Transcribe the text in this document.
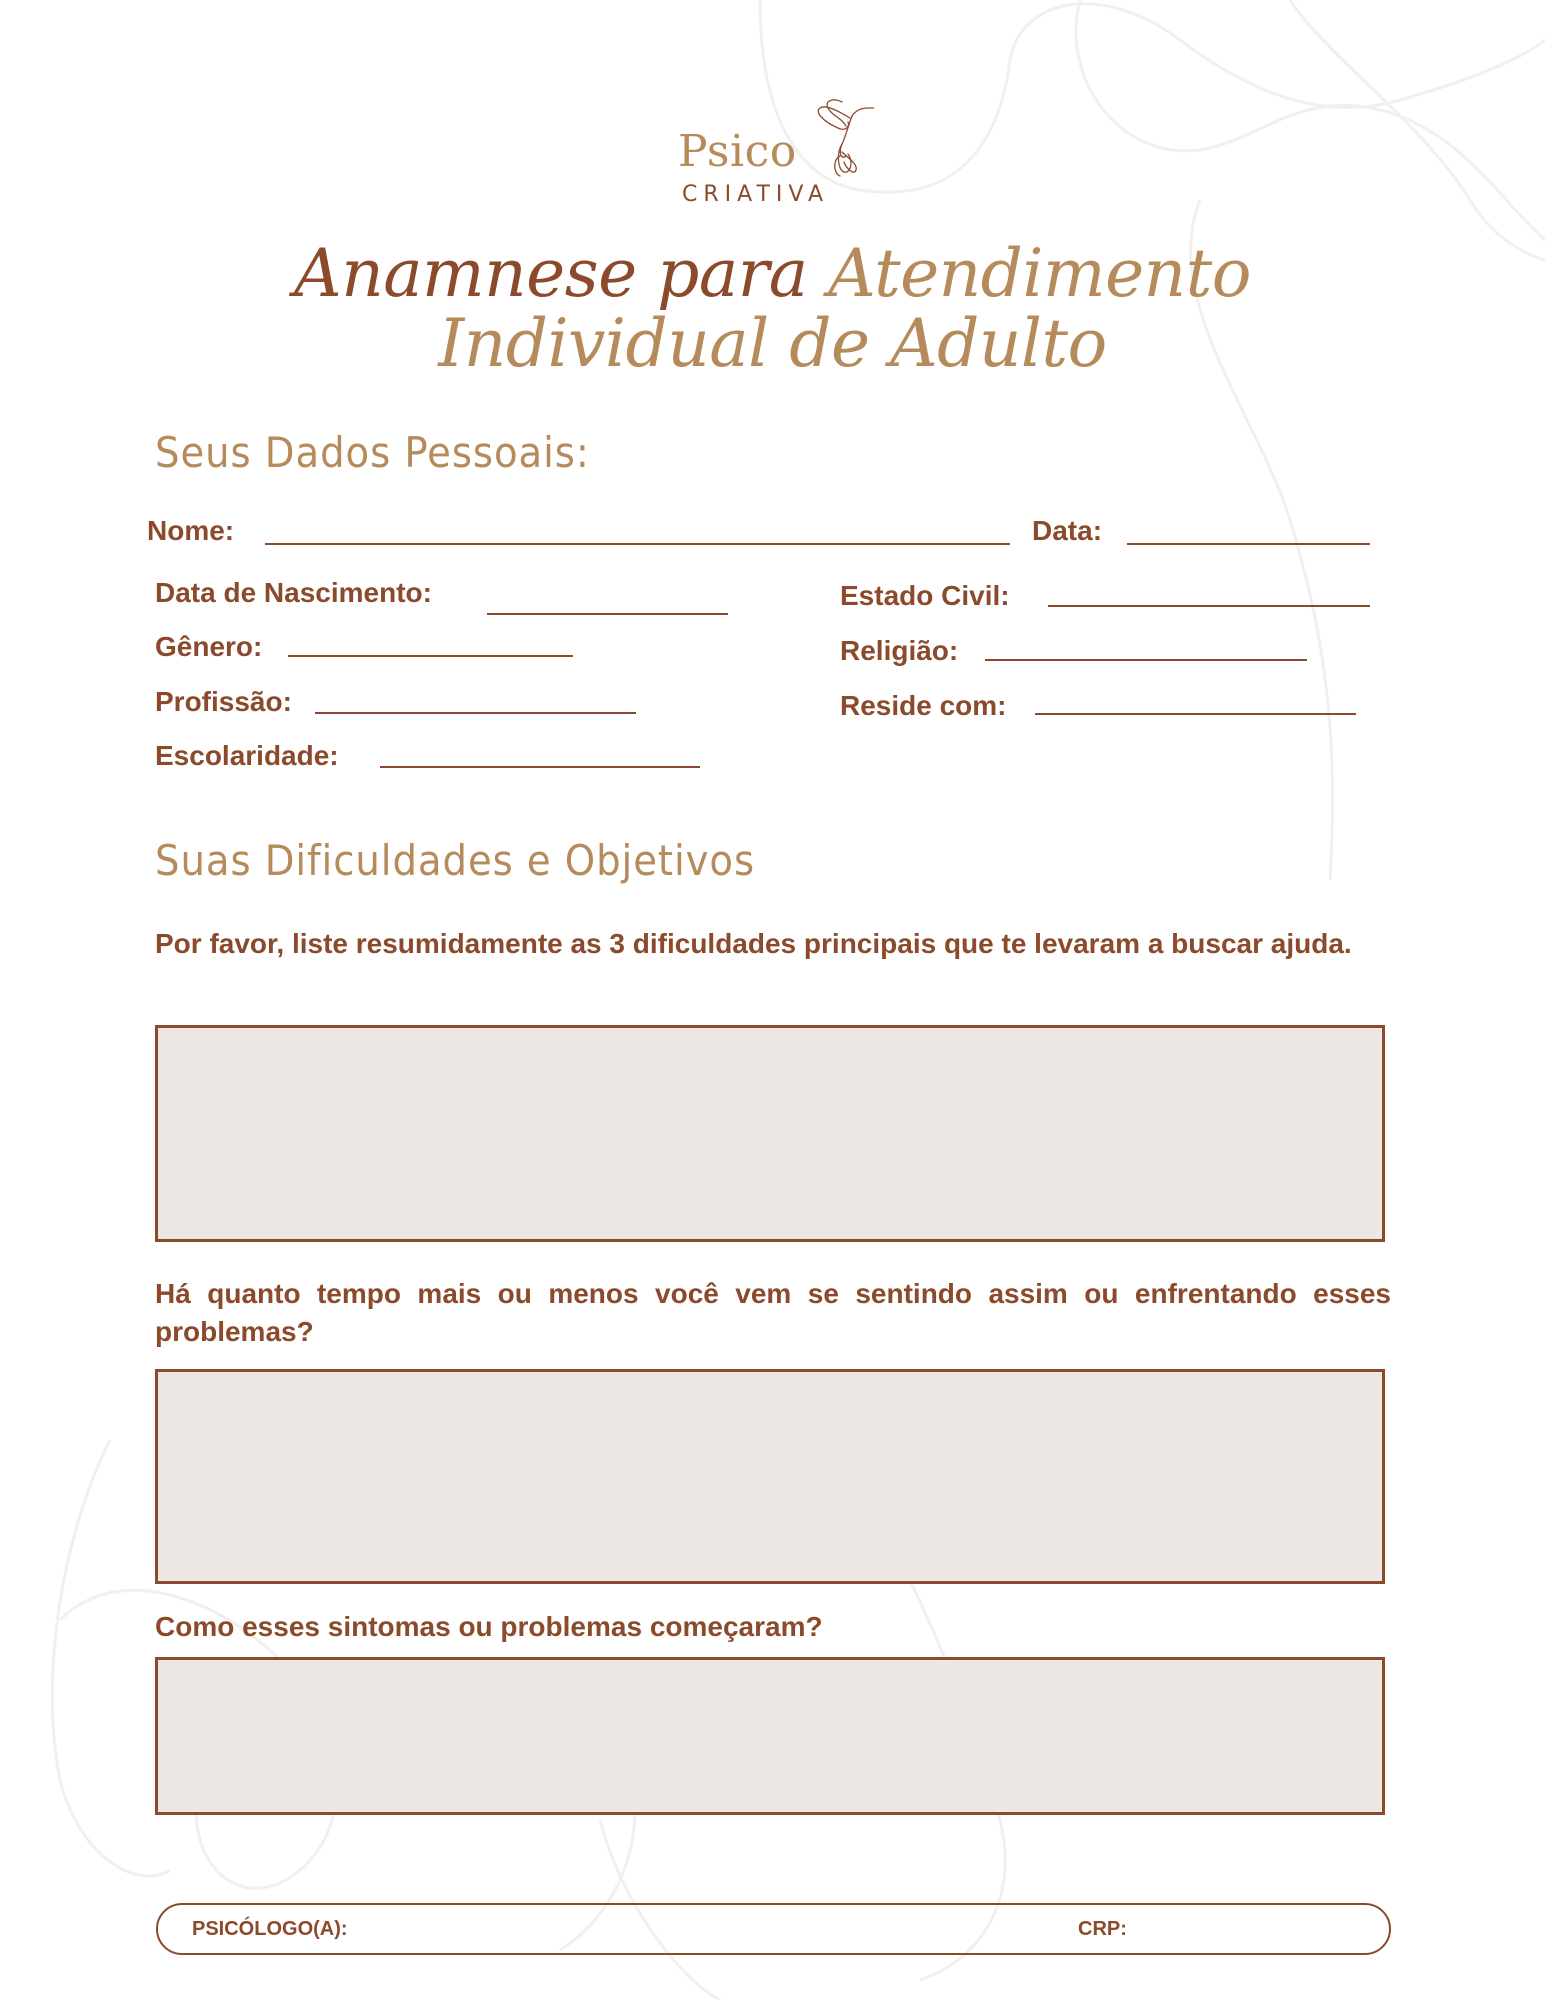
Psico
CRIATIVA
Anamnese para Atendimento
Individual de Adulto
Seus Dados Pessoais:
Nome:	Data:
Data de Nascimento:	Estado Civil:
Gênero:	Religião:
Profissão:	Reside com:
Escolaridade:
Suas Dificuldades e Objetivos
Por favor, liste resumidamente as 3 dificuldades principais que te levaram a buscar ajuda.
Há quanto tempo mais ou menos você vem se sentindo assim ou enfrentando esses problemas?
Como esses sintomas ou problemas começaram?
PSICÓLOGO(A):	CRP:
